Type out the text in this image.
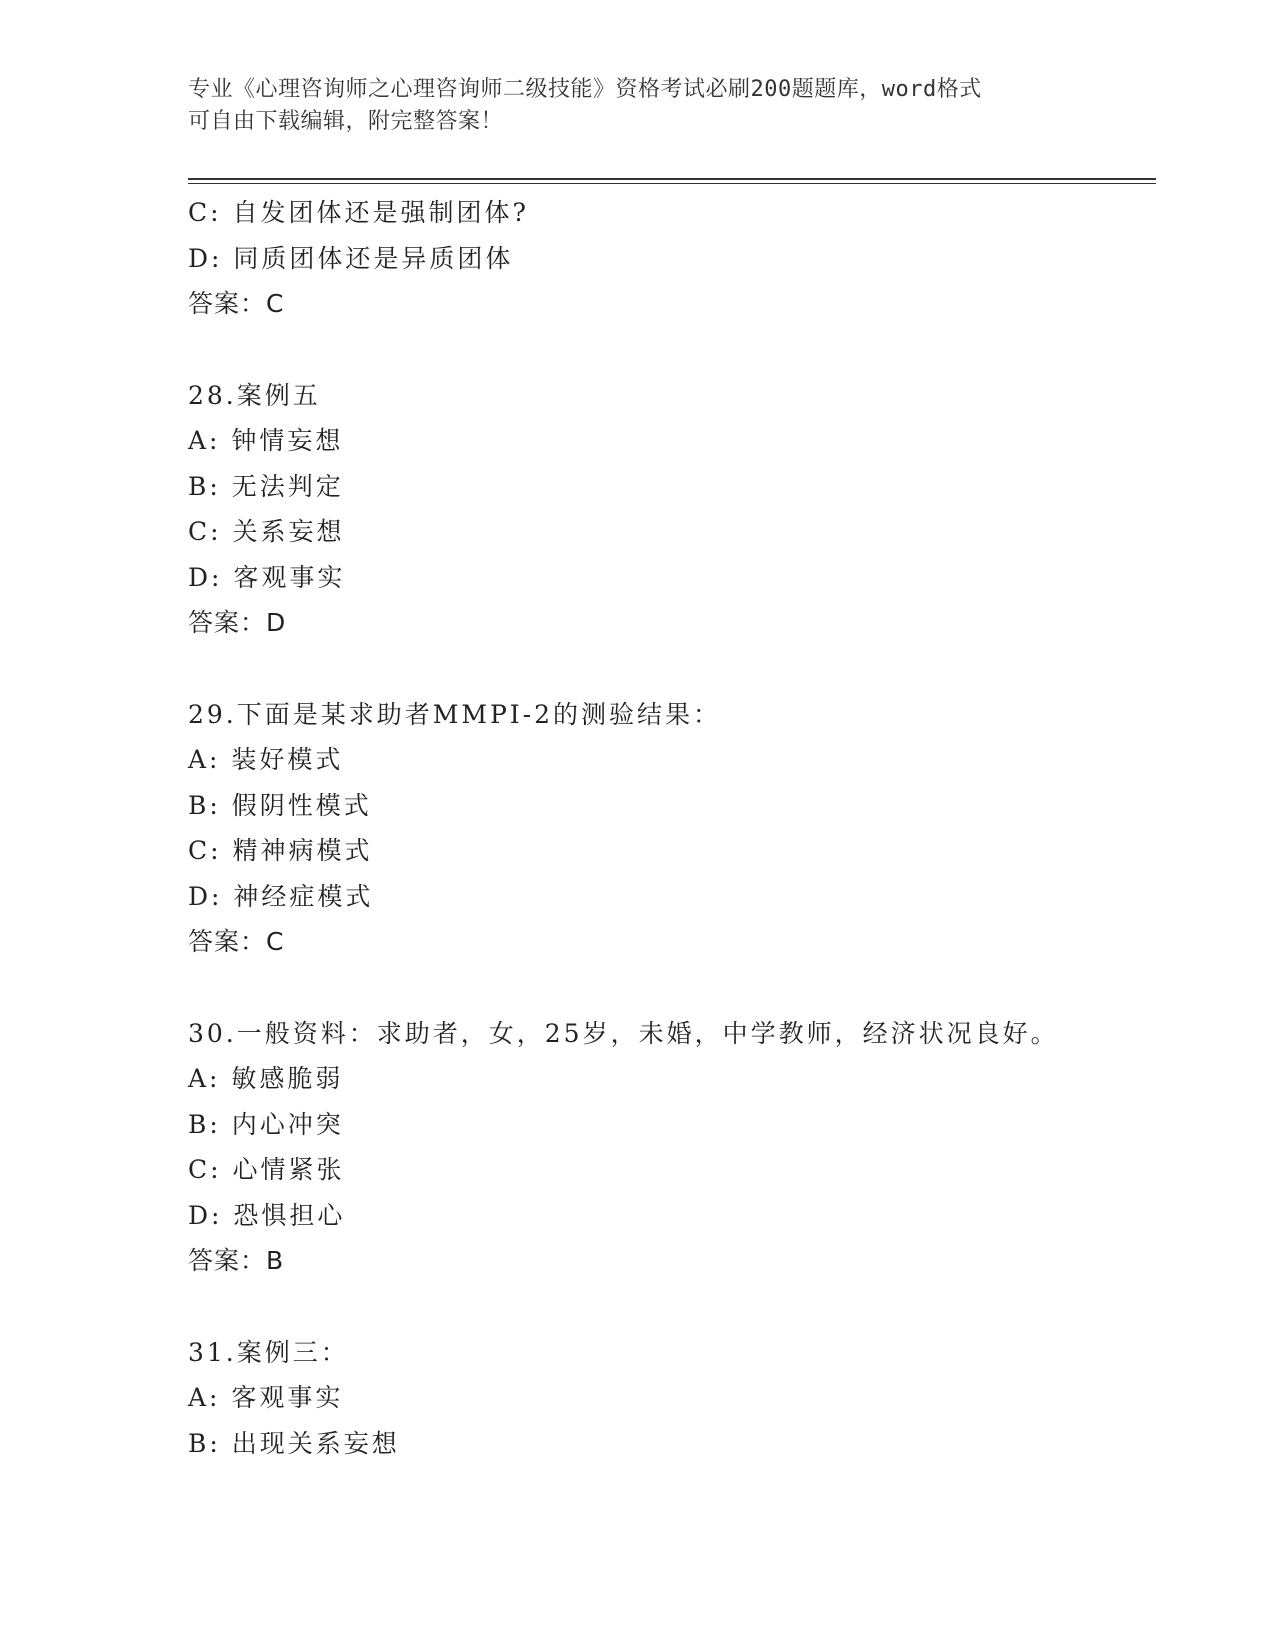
专业《心理咨询师之心理咨询师二级技能》资格考试必刷200题题库，word格式
可自由下载编辑，附完整答案！
C: 自发团体还是强制团体?
D: 同质团体还是异质团体
答案：C
28.案例五
A: 钟情妄想
B: 无法判定
C: 关系妄想
D: 客观事实
答案：D
29.下面是某求助者MMPI-2的测验结果：
A: 装好模式
B: 假阴性模式
C: 精神病模式
D: 神经症模式
答案：C
30.一般资料：求助者，女，25岁，未婚，中学教师，经济状况良好。
A: 敏感脆弱
B: 内心冲突
C: 心情紧张
D: 恐惧担心
答案：B
31.案例三：
A: 客观事实
B: 出现关系妄想
